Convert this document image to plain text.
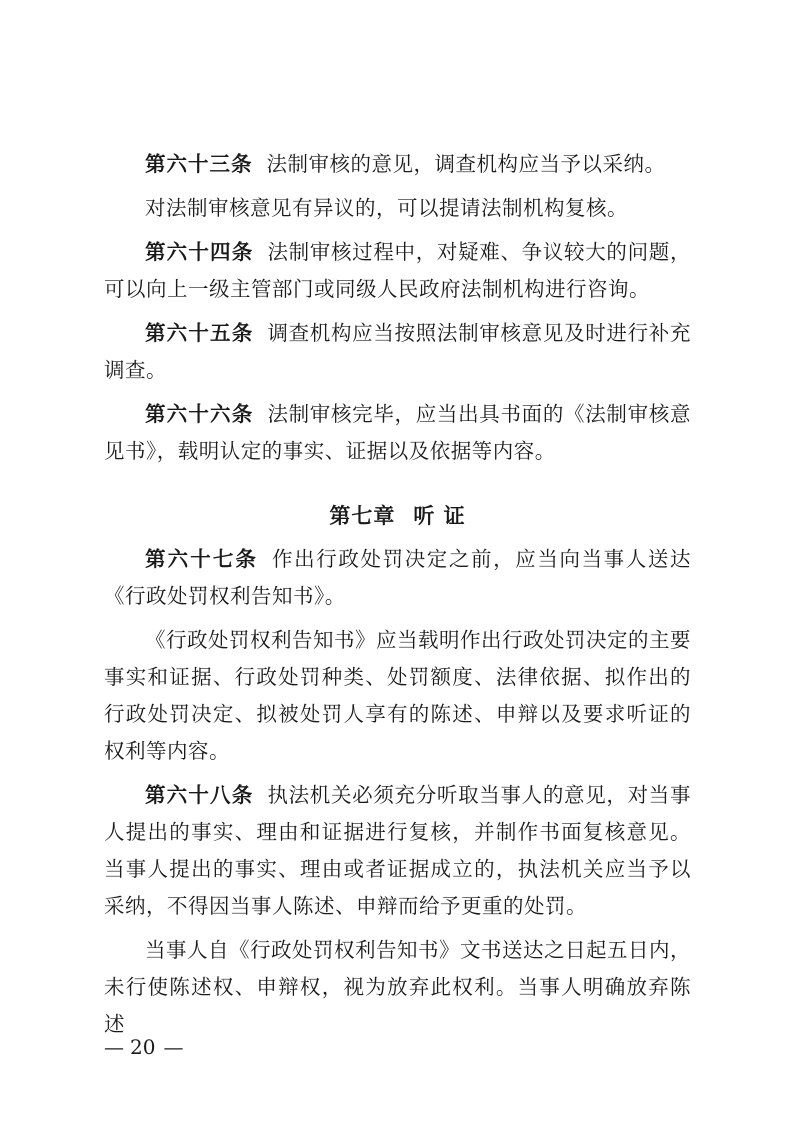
第六十三条 法制审核的意见，调查机构应当予以采纳。

对法制审核意见有异议的，可以提请法制机构复核。

第六十四条 法制审核过程中，对疑难、争议较大的问题，可以向上一级主管部门或同级人民政府法制机构进行咨询。

第六十五条 调查机构应当按照法制审核意见及时进行补充调查。

第六十六条 法制审核完毕，应当出具书面的《法制审核意见书》，载明认定的事实、证据以及依据等内容。

第七章 听 证

第六十七条 作出行政处罚决定之前，应当向当事人送达《行政处罚权利告知书》。

《行政处罚权利告知书》应当载明作出行政处罚决定的主要事实和证据、行政处罚种类、处罚额度、法律依据、拟作出的行政处罚决定、拟被处罚人享有的陈述、申辩以及要求听证的权利等内容。

第六十八条 执法机关必须充分听取当事人的意见，对当事人提出的事实、理由和证据进行复核，并制作书面复核意见。当事人提出的事实、理由或者证据成立的，执法机关应当予以采纳，不得因当事人陈述、申辩而给予更重的处罚。

当事人自《行政处罚权利告知书》文书送达之日起五日内，未行使陈述权、申辩权，视为放弃此权利。当事人明确放弃陈述

— 20 —
